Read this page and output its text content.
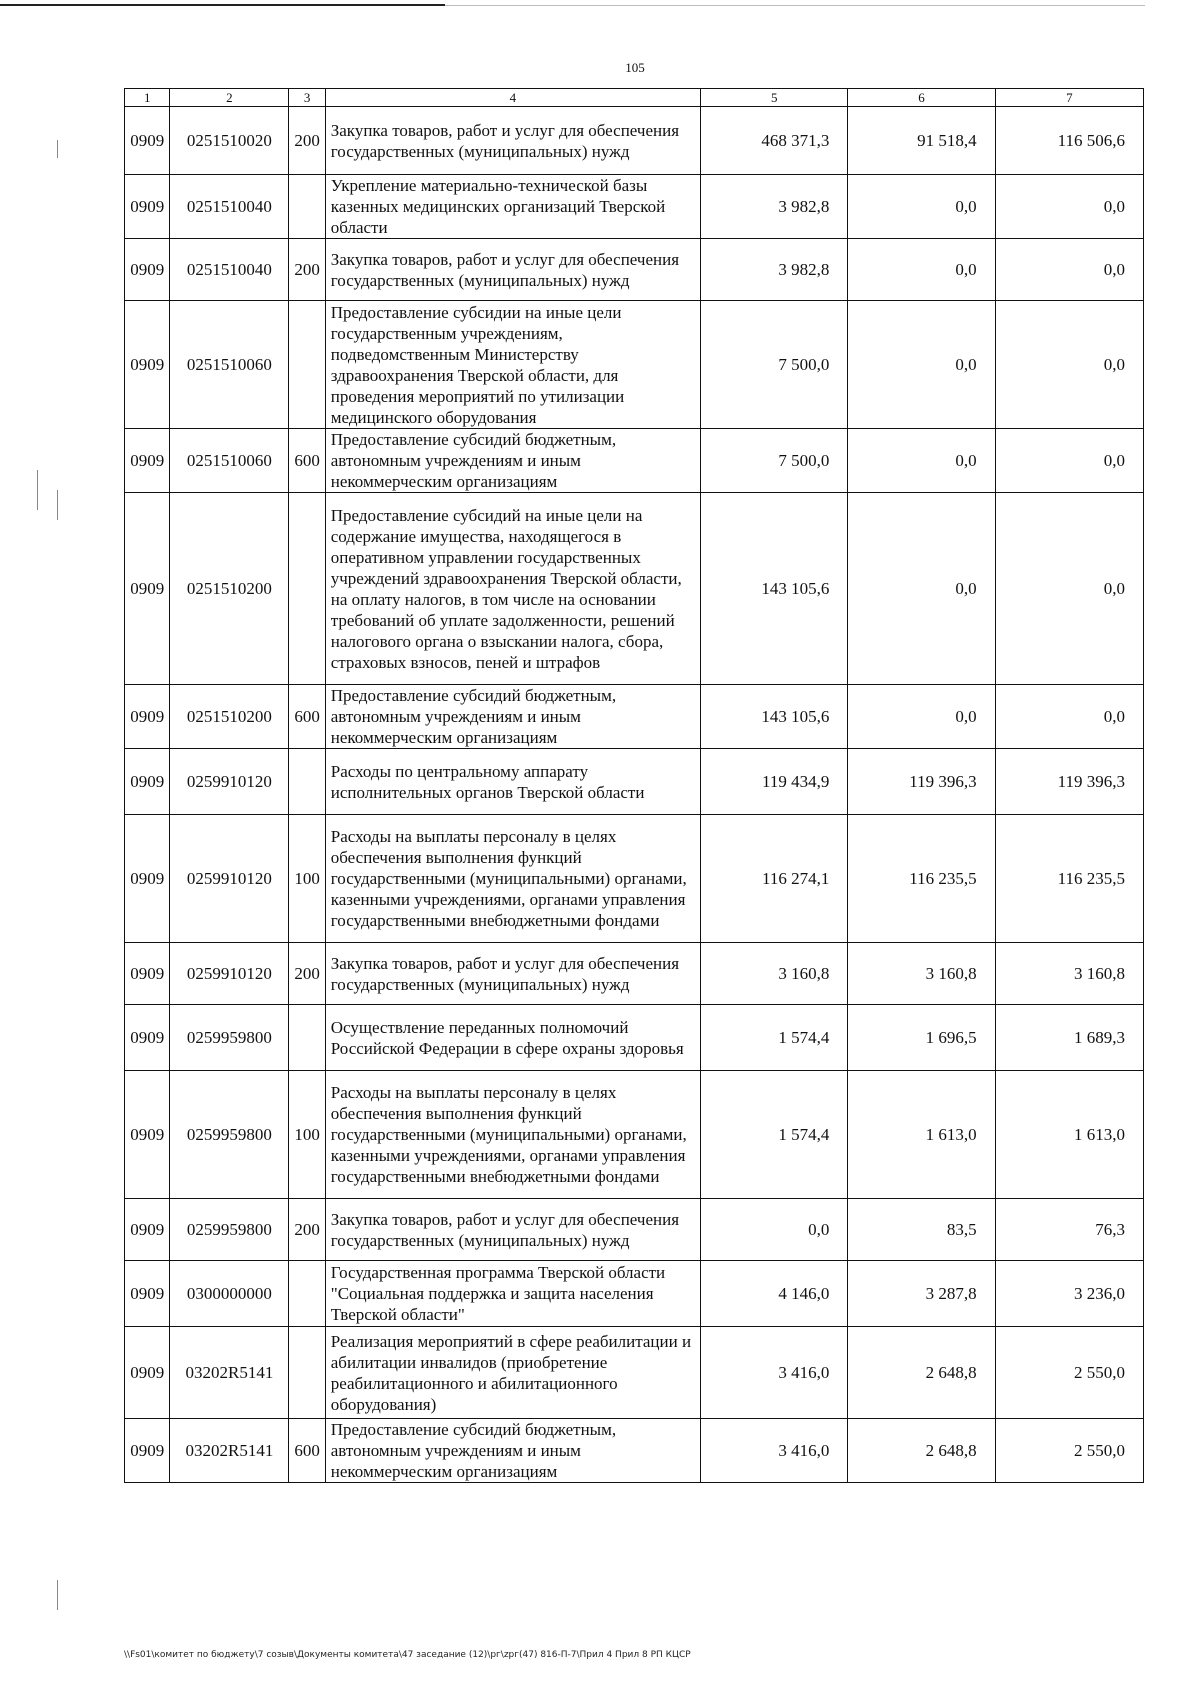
105
1	2	3	4	5	6	7
0909	0251510020	200	Закупка товаров, работ и услуг для обеспечения государственных (муниципальных) нужд	468 371,3	91 518,4	116 506,6
0909	0251510040		Укрепление материально-технической базы казенных медицинских организаций Тверской области	3 982,8	0,0	0,0
0909	0251510040	200	Закупка товаров, работ и услуг для обеспечения государственных (муниципальных) нужд	3 982,8	0,0	0,0
0909	0251510060		Предоставление субсидии на иные цели государственным учреждениям, подведомственным Министерству здравоохранения Тверской области, для проведения мероприятий по утилизации медицинского оборудования	7 500,0	0,0	0,0
0909	0251510060	600	Предоставление субсидий бюджетным, автономным учреждениям и иным некоммерческим организациям	7 500,0	0,0	0,0
0909	0251510200		Предоставление субсидий на иные цели на содержание имущества, находящегося в оперативном управлении государственных учреждений здравоохранения Тверской области, на оплату налогов, в том числе на основании требований об уплате задолженности, решений налогового органа о взыскании налога, сбора, страховых взносов, пеней и штрафов	143 105,6	0,0	0,0
0909	0251510200	600	Предоставление субсидий бюджетным, автономным учреждениям и иным некоммерческим организациям	143 105,6	0,0	0,0
0909	0259910120		Расходы по центральному аппарату исполнительных органов Тверской области	119 434,9	119 396,3	119 396,3
0909	0259910120	100	Расходы на выплаты персоналу в целях обеспечения выполнения функций государственными (муниципальными) органами, казенными учреждениями, органами управления государственными внебюджетными фондами	116 274,1	116 235,5	116 235,5
0909	0259910120	200	Закупка товаров, работ и услуг для обеспечения государственных (муниципальных) нужд	3 160,8	3 160,8	3 160,8
0909	0259959800		Осуществление переданных полномочий Российской Федерации в сфере охраны здоровья	1 574,4	1 696,5	1 689,3
0909	0259959800	100	Расходы на выплаты персоналу в целях обеспечения выполнения функций государственными (муниципальными) органами, казенными учреждениями, органами управления государственными внебюджетными фондами	1 574,4	1 613,0	1 613,0
0909	0259959800	200	Закупка товаров, работ и услуг для обеспечения государственных (муниципальных) нужд	0,0	83,5	76,3
0909	0300000000		Государственная программа Тверской области "Социальная поддержка и защита населения Тверской области"	4 146,0	3 287,8	3 236,0
0909	03202R5141		Реализация мероприятий в сфере реабилитации и абилитации инвалидов (приобретение реабилитационного и абилитационного оборудования)	3 416,0	2 648,8	2 550,0
0909	03202R5141	600	Предоставление субсидий бюджетным, автономным учреждениям и иным некоммерческим организациям	3 416,0	2 648,8	2 550,0
\\Fs01\комитет по бюджету\7 созыв\Документы комитета\47 заседание (12)\рг\zрг(47) 816-П-7\Прил 4 Прил 8 РП КЦСР
